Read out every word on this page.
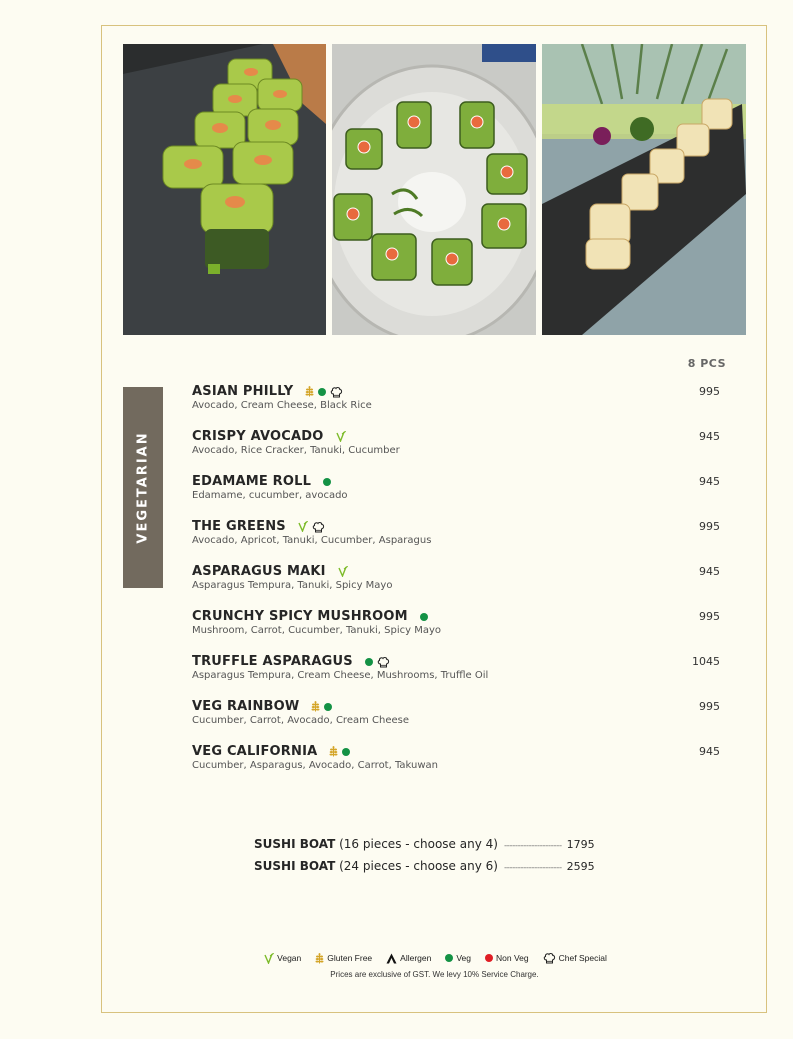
8 PCS
VEGETARIAN
ASIAN PHILLY
Avocado, Cream Cheese, Black Rice
995
CRISPY AVOCADO
Avocado, Rice Cracker, Tanuki, Cucumber
945
EDAMAME ROLL
Edamame, cucumber, avocado
945
THE GREENS
Avocado, Apricot, Tanuki, Cucumber, Asparagus
995
ASPARAGUS MAKI
Asparagus Tempura, Tanuki, Spicy Mayo
945
CRUNCHY SPICY MUSHROOM
Mushroom, Carrot, Cucumber, Tanuki, Spicy Mayo
995
TRUFFLE ASPARAGUS
Asparagus Tempura, Cream Cheese, Mushrooms, Truffle Oil
1045
VEG RAINBOW
Cucumber, Carrot, Avocado, Cream Cheese
995
VEG CALIFORNIA
Cucumber, Asparagus, Avocado, Carrot, Takuwan
945
SUSHI BOAT (16 pieces - choose any 4) --------------------- 1795
SUSHI BOAT (24 pieces - choose any 6) --------------------- 2595
Vegan	Gluten Free	Allergen	Veg	Non Veg	Chef Special
Prices are exclusive of GST. We levy 10% Service Charge.
